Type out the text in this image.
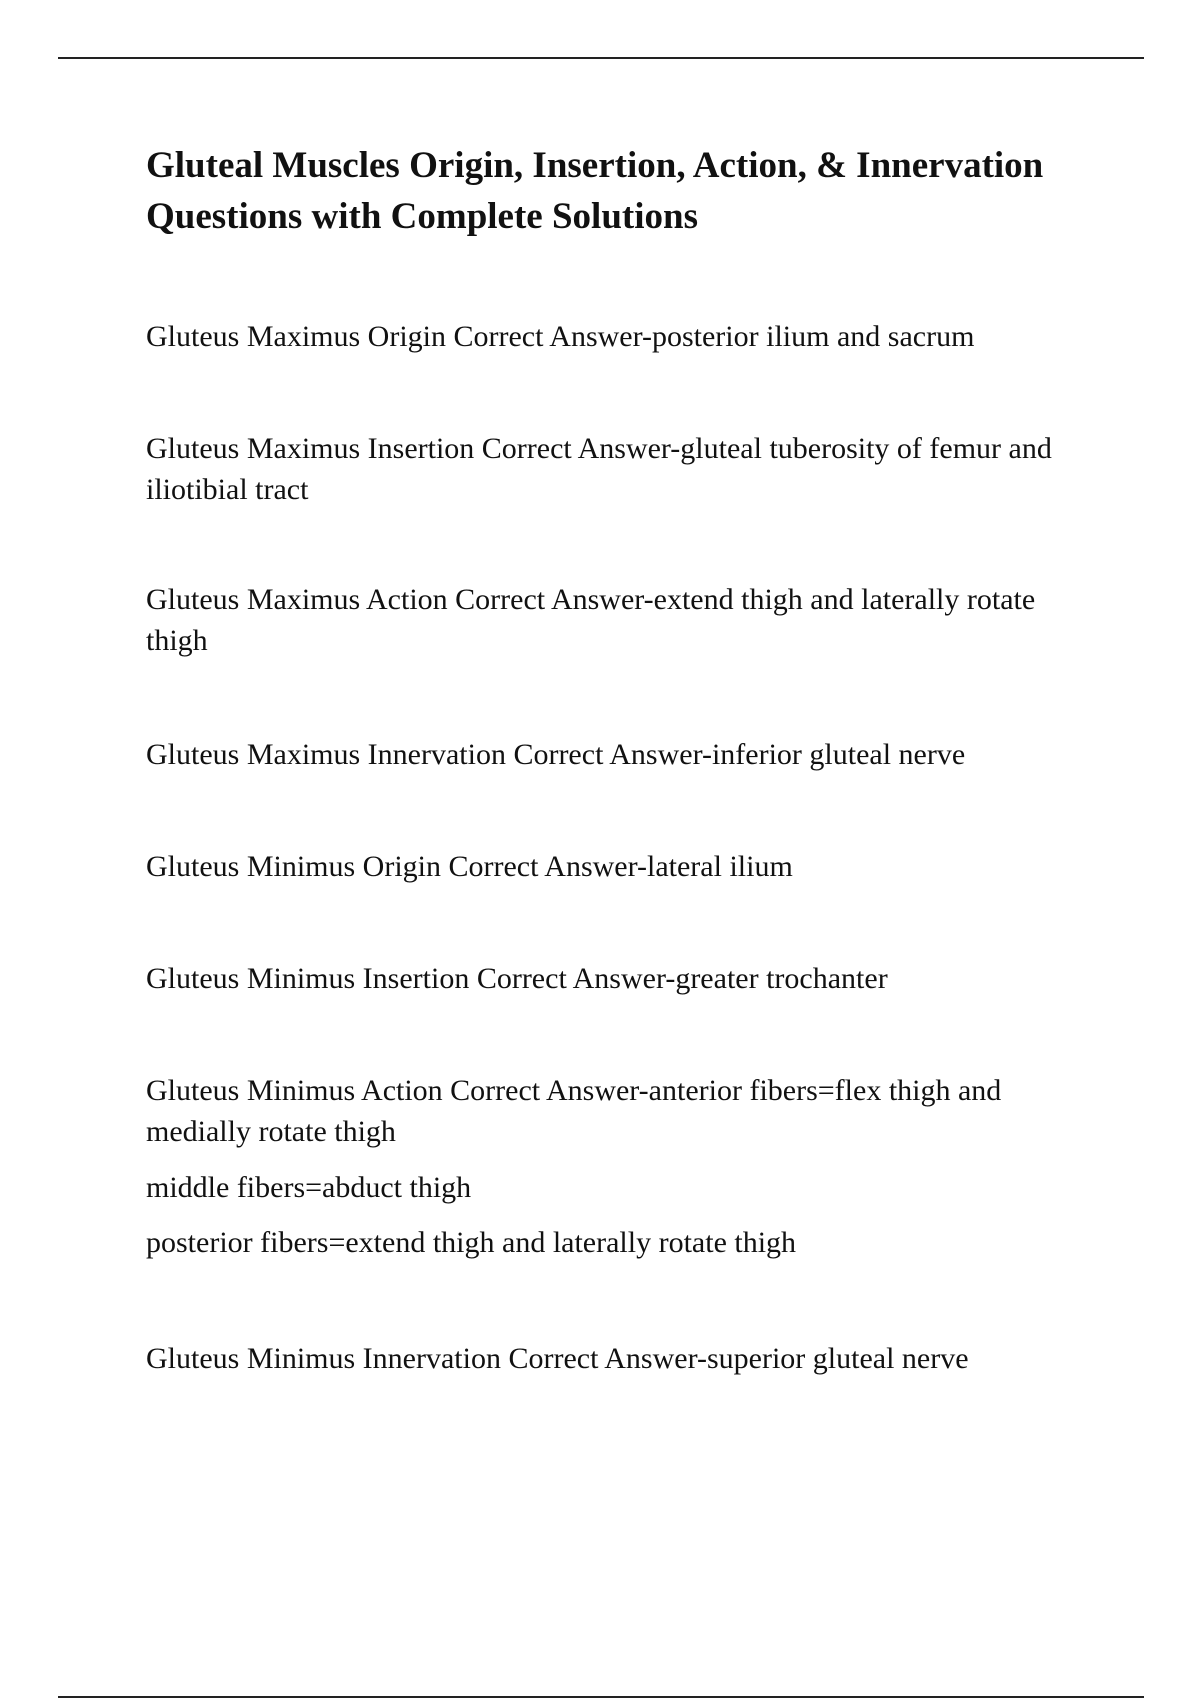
Gluteal Muscles Origin, Insertion, Action, & Innervation Questions with Complete Solutions

Gluteus Maximus Origin Correct Answer-posterior ilium and sacrum

Gluteus Maximus Insertion Correct Answer-gluteal tuberosity of femur and iliotibial tract

Gluteus Maximus Action Correct Answer-extend thigh and laterally rotate thigh

Gluteus Maximus Innervation Correct Answer-inferior gluteal nerve

Gluteus Minimus Origin Correct Answer-lateral ilium

Gluteus Minimus Insertion Correct Answer-greater trochanter

Gluteus Minimus Action Correct Answer-anterior fibers=flex thigh and medially rotate thigh

middle fibers=abduct thigh

posterior fibers=extend thigh and laterally rotate thigh

Gluteus Minimus Innervation Correct Answer-superior gluteal nerve
